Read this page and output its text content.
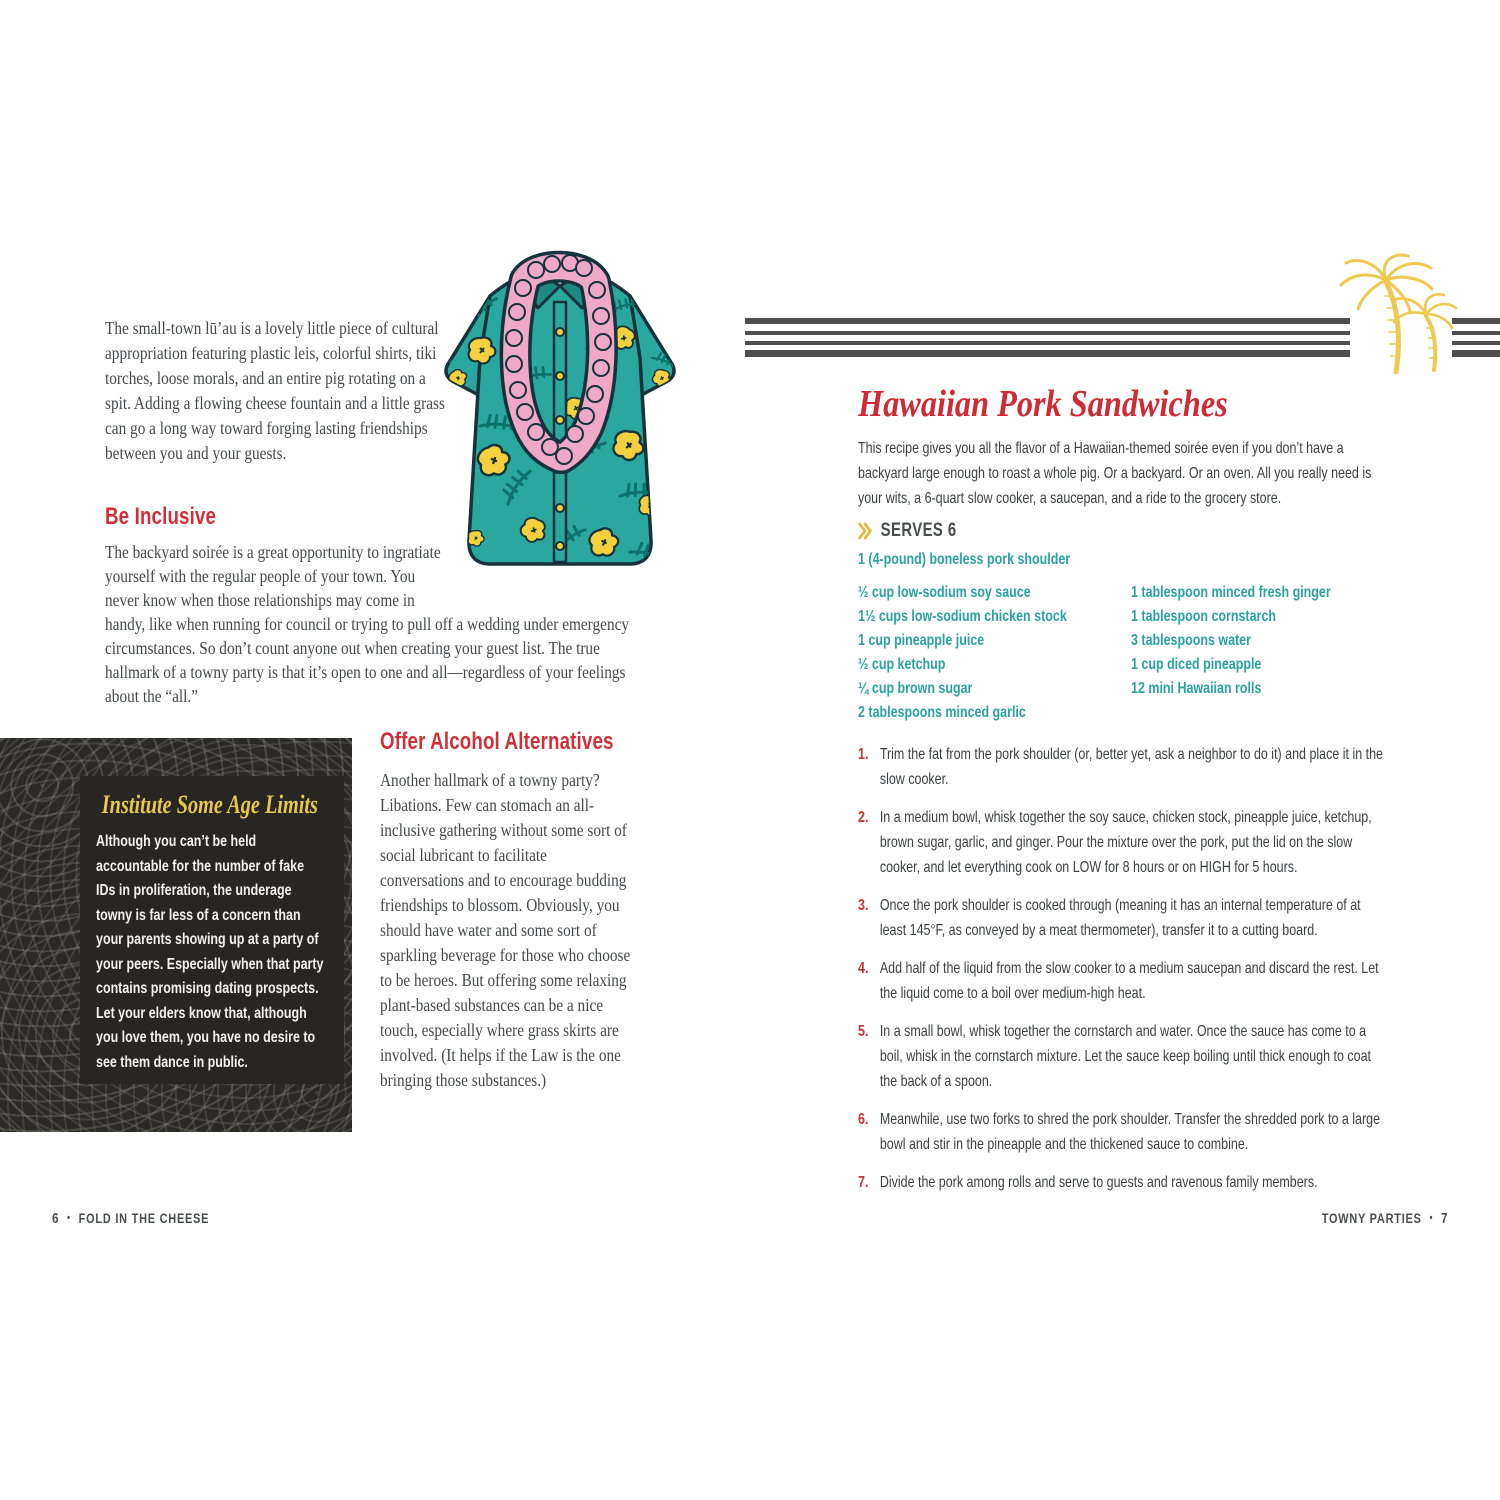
The small-town lū’au is a lovely little piece of cultural appropriation featuring plastic leis, colorful shirts, tiki torches, loose morals, and an entire pig rotating on a spit. Adding a flowing cheese fountain and a little grass can go a long way toward forging lasting friendships between you and your guests.
Be Inclusive
The backyard soirée is a great opportunity to ingratiate yourself with the regular people of your town. You never know when those relationships may come in handy, like when running for council or trying to pull off a wedding under emergency circumstances. So don’t count anyone out when creating your guest list. The true hallmark of a towny party is that it’s open to one and all—regardless of your feelings about the “all.”
Institute Some Age Limits
Although you can’t be held accountable for the number of fake IDs in proliferation, the underage towny is far less of a concern than your parents showing up at a party of your peers. Especially when that party contains promising dating prospects. Let your elders know that, although you love them, you have no desire to see them dance in public.
Offer Alcohol Alternatives
Another hallmark of a towny party? Libations. Few can stomach an all-inclusive gathering without some sort of social lubricant to facilitate conversations and to encourage budding friendships to blossom. Obviously, you should have water and some sort of sparkling beverage for those who choose to be heroes. But offering some relaxing plant-based substances can be a nice touch, especially where grass skirts are involved. (It helps if the Law is the one bringing those substances.)
Hawaiian Pork Sandwiches

This recipe gives you all the flavor of a Hawaiian-themed soirée even if you don’t have a backyard large enough to roast a whole pig. Or a backyard. Or an oven. All you really need is your wits, a 6-quart slow cooker, a saucepan, and a ride to the grocery store.

SERVES 6
1 (4-pound) boneless pork shoulder
½ cup low-sodium soy sauce
1½ cups low-sodium chicken stock
1 cup pineapple juice
½ cup ketchup
¼ cup brown sugar
2 tablespoons minced garlic
1 tablespoon minced fresh ginger
1 tablespoon cornstarch
3 tablespoons water
1 cup diced pineapple
12 mini Hawaiian rolls
1. Trim the fat from the pork shoulder (or, better yet, ask a neighbor to do it) and place it in the slow cooker.
2. In a medium bowl, whisk together the soy sauce, chicken stock, pineapple juice, ketchup, brown sugar, garlic, and ginger. Pour the mixture over the pork, put the lid on the slow cooker, and let everything cook on LOW for 8 hours or on HIGH for 5 hours.
3. Once the pork shoulder is cooked through (meaning it has an internal temperature of at least 145°F, as conveyed by a meat thermometer), transfer it to a cutting board.
4. Add half of the liquid from the slow cooker to a medium saucepan and discard the rest. Let the liquid come to a boil over medium-high heat.
5. In a small bowl, whisk together the cornstarch and water. Once the sauce has come to a boil, whisk in the cornstarch mixture. Let the sauce keep boiling until thick enough to coat the back of a spoon.
6. Meanwhile, use two forks to shred the pork shoulder. Transfer the shredded pork to a large bowl and stir in the pineapple and the thickened sauce to combine.
7. Divide the pork among rolls and serve to guests and ravenous family members.
6 • FOLD IN THE CHEESE	TOWNY PARTIES • 7
